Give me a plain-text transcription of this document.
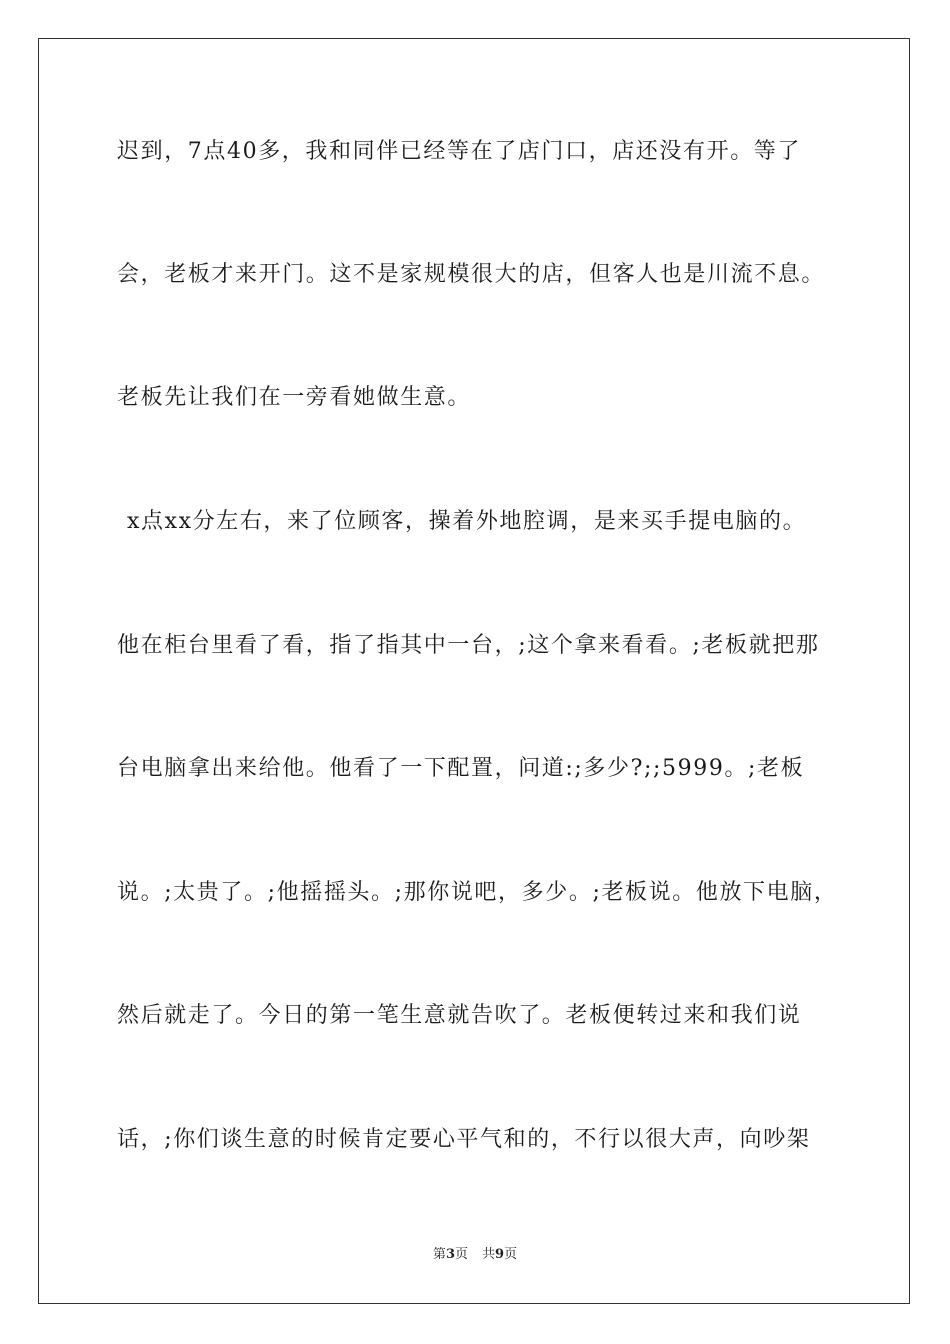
迟到，7点40多，我和同伴已经等在了店门口，店还没有开。等了
会，老板才来开门。这不是家规模很大的店，但客人也是川流不息。
老板先让我们在一旁看她做生意。
x点xx分左右，来了位顾客，操着外地腔调，是来买手提电脑的。
他在柜台里看了看，指了指其中一台，;这个拿来看看。;老板就把那
台电脑拿出来给他。他看了一下配置，问道:;多少?;;5999。;老板
说。;太贵了。;他摇摇头。;那你说吧，多少。;老板说。他放下电脑，
然后就走了。今日的第一笔生意就告吹了。老板便转过来和我们说
话，;你们谈生意的时候肯定要心平气和的，不行以很大声，向吵架
第3页 共9页
